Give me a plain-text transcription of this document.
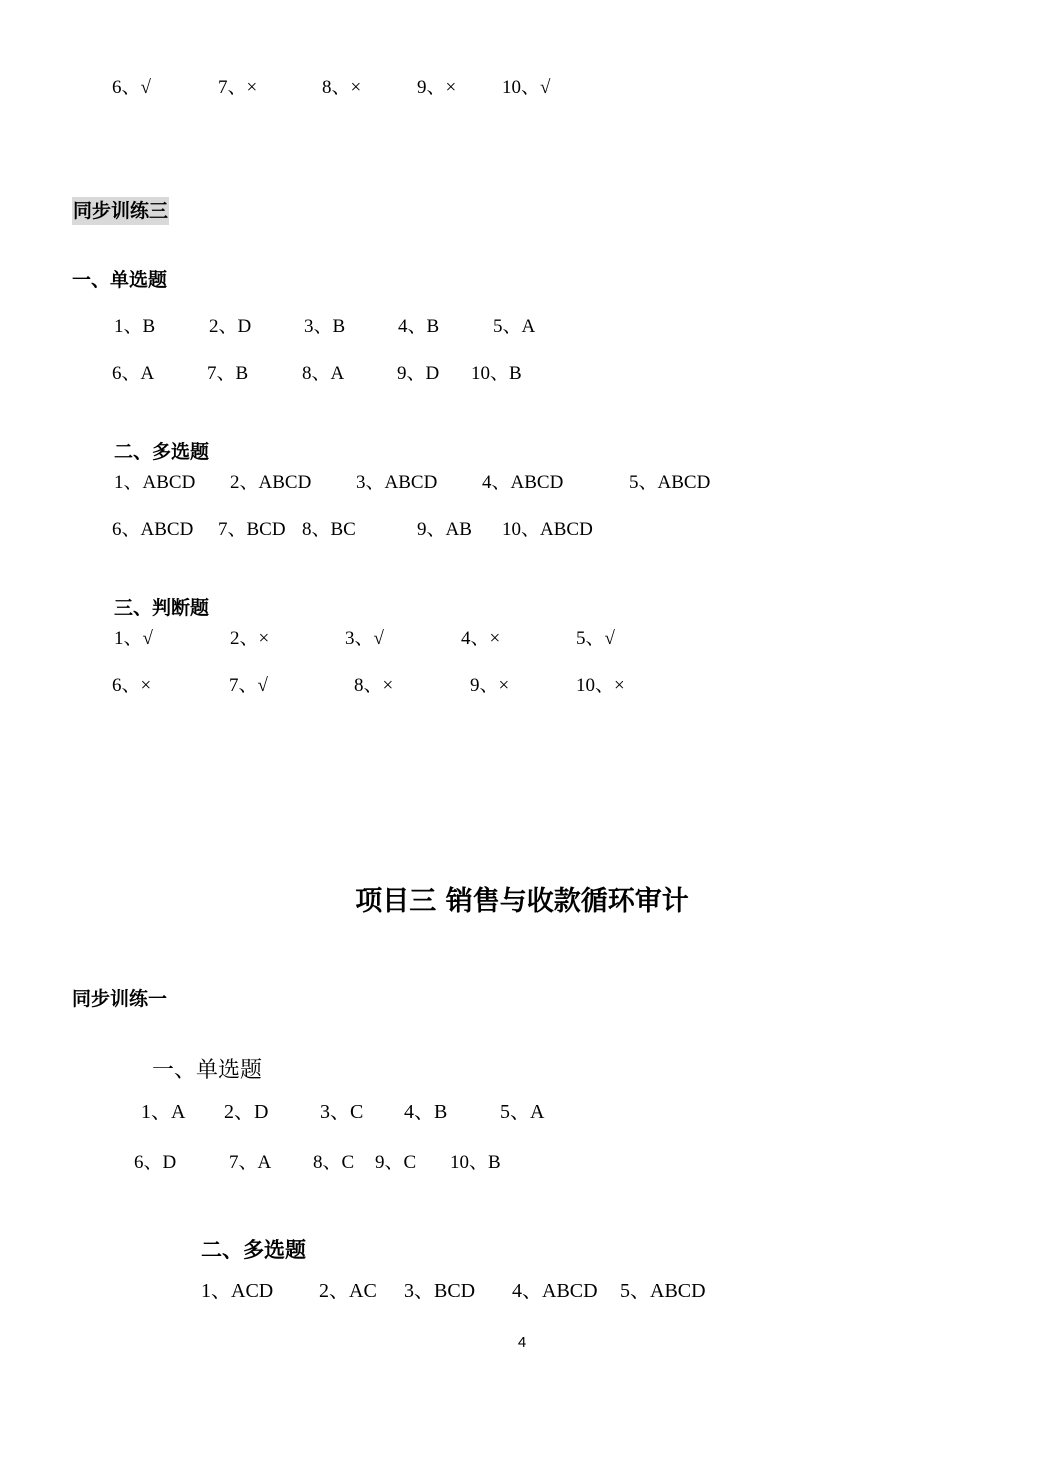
6、√	7、×	8、×	9、× 10、√
同步训练三
一、单选题
1、B	2、D	3、B	4、B	5、A
6、A	7、B	8、A	9、D 10、B
二、多选题
1、ABCD 2、ABCD 3、ABCD 4、ABCD	5、ABCD
6、ABCD 7、BCD 8、BC	9、AB 10、ABCD
三、判断题
1、√	2、×	3、√	4、×	5、√
6、×	7、√	8、×	9、×	10、×
项目三 销售与收款循环审计
同步训练一
一、单选题
1、A 2、D	3、C 4、B	5、A
6、D	7、A 8、C 9、C 10、B
二、多选题
1、ACD 2、AC 3、BCD 4、ABCD 5、ABCD
4
